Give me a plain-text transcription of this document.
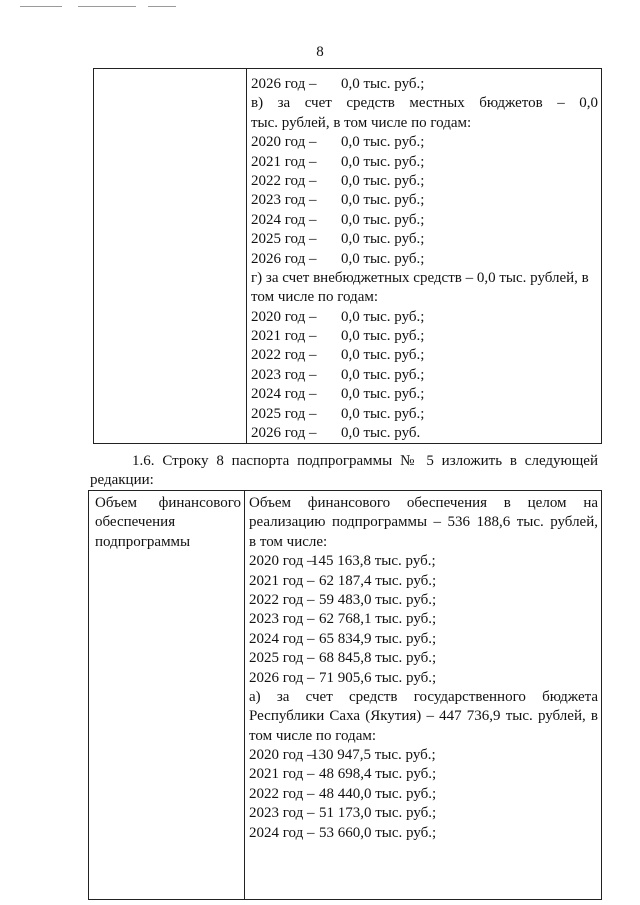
8
2026 год – 0,0 тыс. руб.;
в) за счет средств местных бюджетов – 0,0
тыс. рублей, в том числе по годам:
2020 год – 0,0 тыс. руб.;
2021 год – 0,0 тыс. руб.;
2022 год – 0,0 тыс. руб.;
2023 год – 0,0 тыс. руб.;
2024 год – 0,0 тыс. руб.;
2025 год – 0,0 тыс. руб.;
2026 год – 0,0 тыс. руб.;
г) за счет внебюджетных средств – 0,0 тыс. рублей, в
том числе по годам:
2020 год – 0,0 тыс. руб.;
2021 год – 0,0 тыс. руб.;
2022 год – 0,0 тыс. руб.;
2023 год – 0,0 тыс. руб.;
2024 год – 0,0 тыс. руб.;
2025 год – 0,0 тыс. руб.;
2026 год – 0,0 тыс. руб.
1.6. Строку 8 паспорта подпрограммы № 5 изложить в следующей
редакции:
Объем финансового
обеспечения
подпрограммы
Объем финансового обеспечения в целом на
реализацию подпрограммы – 536 188,6 тыс. рублей,
в том числе:
2020 год –145 163,8 тыс. руб.;
2021 год – 62 187,4 тыс. руб.;
2022 год – 59 483,0 тыс. руб.;
2023 год – 62 768,1 тыс. руб.;
2024 год – 65 834,9 тыс. руб.;
2025 год – 68 845,8 тыс. руб.;
2026 год – 71 905,6 тыс. руб.;
а) за счет средств государственного бюджета
Республики Саха (Якутия) – 447 736,9 тыс. рублей, в
том числе по годам:
2020 год –130 947,5 тыс. руб.;
2021 год – 48 698,4 тыс. руб.;
2022 год – 48 440,0 тыс. руб.;
2023 год – 51 173,0 тыс. руб.;
2024 год – 53 660,0 тыс. руб.;
